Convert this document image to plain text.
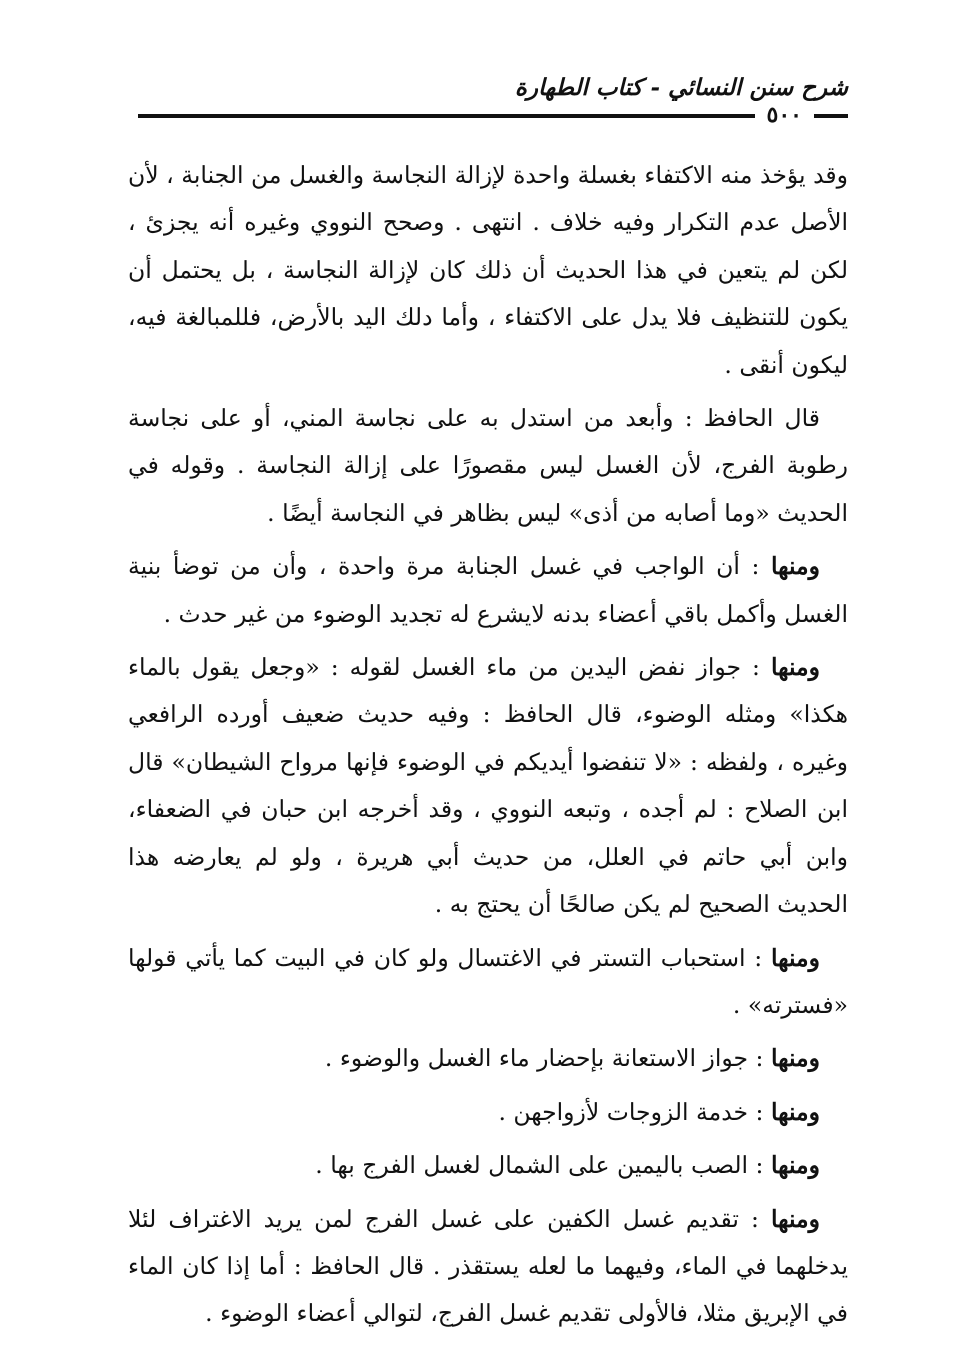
شرح سنن النسائي - كتاب الطهارة
٥٠٠

وقد يؤخذ منه الاكتفاء بغسلة واحدة لإزالة النجاسة والغسل من الجنابة ، لأن الأصل عدم التكرار وفيه خلاف . انتهى . وصحح النووي وغيره أنه يجزئ ، لكن لم يتعين في هذا الحديث أن ذلك كان لإزالة النجاسة ، بل يحتمل أن يكون للتنظيف فلا يدل على الاكتفاء ، وأما دلك اليد بالأرض، فللمبالغة فيه، ليكون أنقى .

قال الحافظ : وأبعد من استدل به على نجاسة المني، أو على نجاسة رطوبة الفرج، لأن الغسل ليس مقصورًا على إزالة النجاسة . وقوله في الحديث «وما أصابه من أذى» ليس بظاهر في النجاسة أيضًا .

ومنها : أن الواجب في غسل الجنابة مرة واحدة ، وأن من توضأ بنية الغسل وأكمل باقي أعضاء بدنه لايشرع له تجديد الوضوء من غير حدث .

ومنها : جواز نفض اليدين من ماء الغسل لقوله : «وجعل يقول بالماء هكذا» ومثله الوضوء، قال الحافظ : وفيه حديث ضعيف أورده الرافعي وغيره ، ولفظه : «لا تنفضوا أيديكم في الوضوء فإنها مرواح الشيطان» قال ابن الصلاح : لم أجده ، وتبعه النووي ، وقد أخرجه ابن حبان في الضعفاء، وابن أبي حاتم في العلل، من حديث أبي هريرة ، ولو لم يعارضه هذا الحديث الصحيح لم يكن صالحًا أن يحتج به .

ومنها : استحباب التستر في الاغتسال ولو كان في البيت كما يأتي قولها «فسترته» .

ومنها : جواز الاستعانة بإحضار ماء الغسل والوضوء .

ومنها : خدمة الزوجات لأزواجهن .

ومنها : الصب باليمين على الشمال لغسل الفرج بها .

ومنها : تقديم غسل الكفين على غسل الفرج لمن يريد الاغتراف لئلا يدخلهما في الماء، وفيهما ما لعله يستقذر . قال الحافظ : أما إذا كان الماء في الإبريق مثلا، فالأولى تقديم غسل الفرج، لتوالي أعضاء الوضوء .
